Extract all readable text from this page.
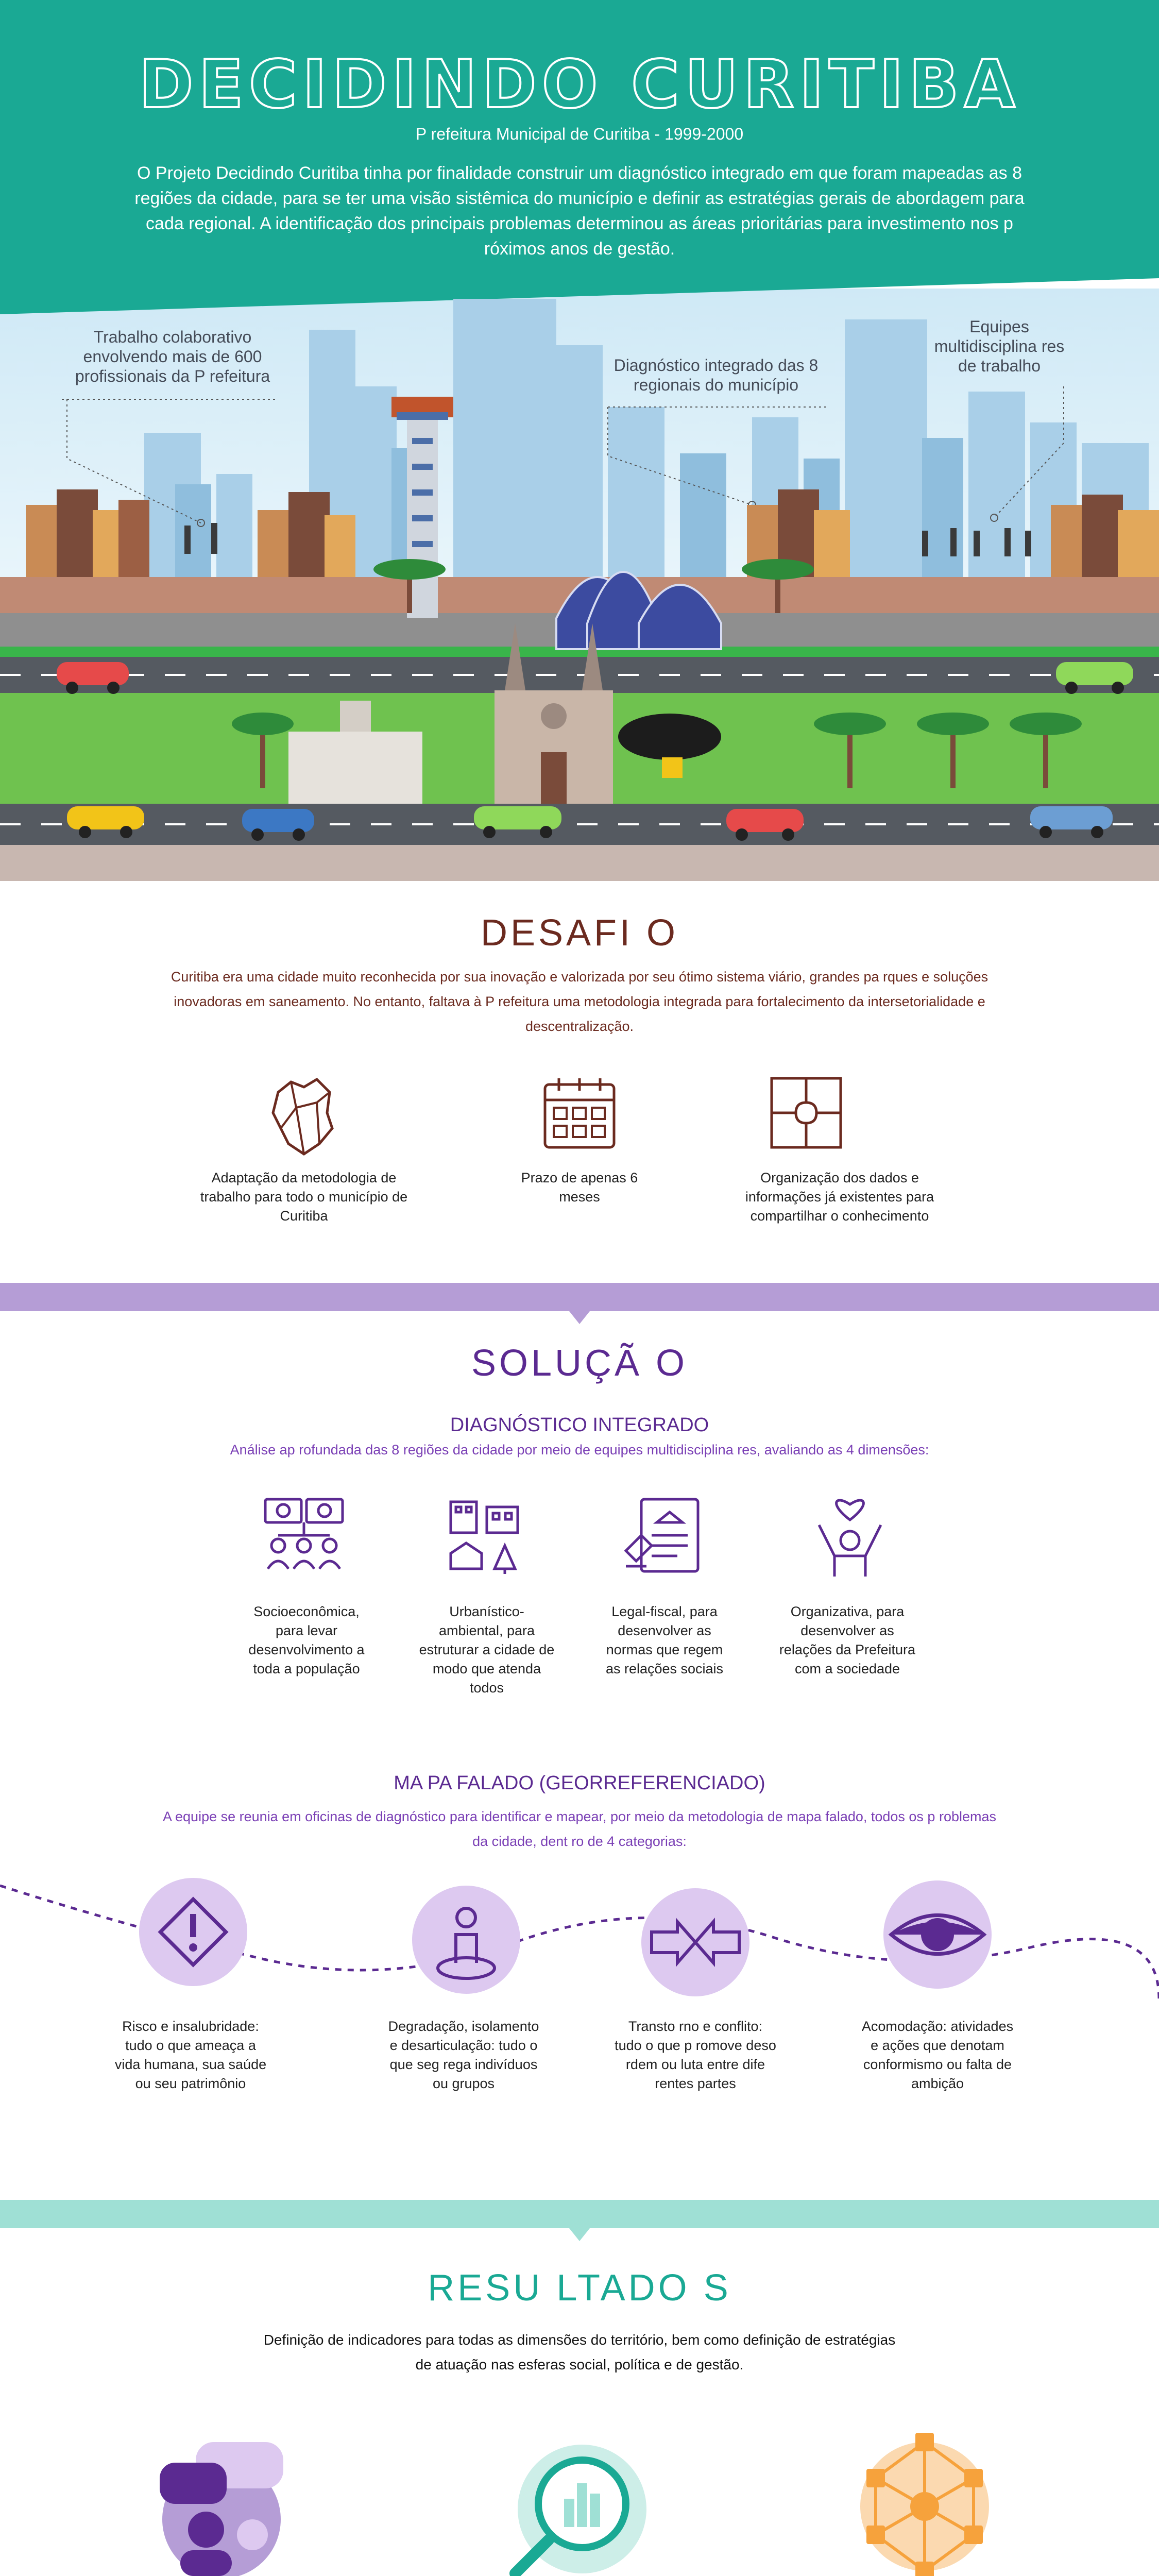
DECIDINDO CURITIBA
P refeitura Municipal de Curitiba - 1999-2000
O Projeto Decidindo Curitiba tinha por finalidade construir um diagnóstico integrado em que foram mapeadas as 8 regiões da cidade, para se ter uma visão sistêmica do município e definir as estratégias gerais de abordagem para cada regional. A identificação dos principais problemas determinou as áreas prioritárias para investimento nos p róximos anos de gestão.
Trabalho colaborativo envolvendo mais de 600 profissionais da P refeitura
Diagnóstico integrado das 8 regionais do município
Equipes multidisciplina res de trabalho
DESAFI O
Curitiba era uma cidade muito reconhecida por sua inovação e valorizada por seu ótimo sistema viário, grandes pa rques e soluções inovadoras em saneamento. No entanto, faltava à P refeitura uma metodologia integrada para fortalecimento da intersetorialidade e descentralização.
Adaptação da metodologia de trabalho para todo o município de Curitiba
Prazo de apenas 6 meses
Organização dos dados e informações já existentes para compartilhar o conhecimento
SOLUÇÃ O
DIAGNÓSTICO INTEGRADO
Análise ap rofundada das 8 regiões da cidade por meio de equipes multidisciplina res, avaliando as 4 dimensões:
Socioeconômica, para levar desenvolvimento a toda a população
Urbanístico-ambiental, para estruturar a cidade de modo que atenda todos
Legal-fiscal, para desenvolver as normas que regem as relações sociais
Organizativa, para desenvolver as relações da Prefeitura com a sociedade
MA PA FALADO (GEORREFERENCIADO)
A equipe se reunia em oficinas de diagnóstico para identificar e mapear, por meio da metodologia de mapa falado, todos os p roblemas da cidade, dent ro de 4 categorias:
Risco e insalubridade: tudo o que ameaça a vida humana, sua saúde ou seu patrimônio
Degradação, isolamento e desarticulação: tudo o que seg rega indivíduos ou grupos
Transto rno e conflito: tudo o que p romove deso rdem ou luta entre dife rentes partes
Acomodação: atividades e ações que denotam conformismo ou falta de ambição
RESU LTADO S
Definição de indicadores para todas as dimensões do território, bem como definição de estratégias de atuação nas esferas social, política e de gestão.
